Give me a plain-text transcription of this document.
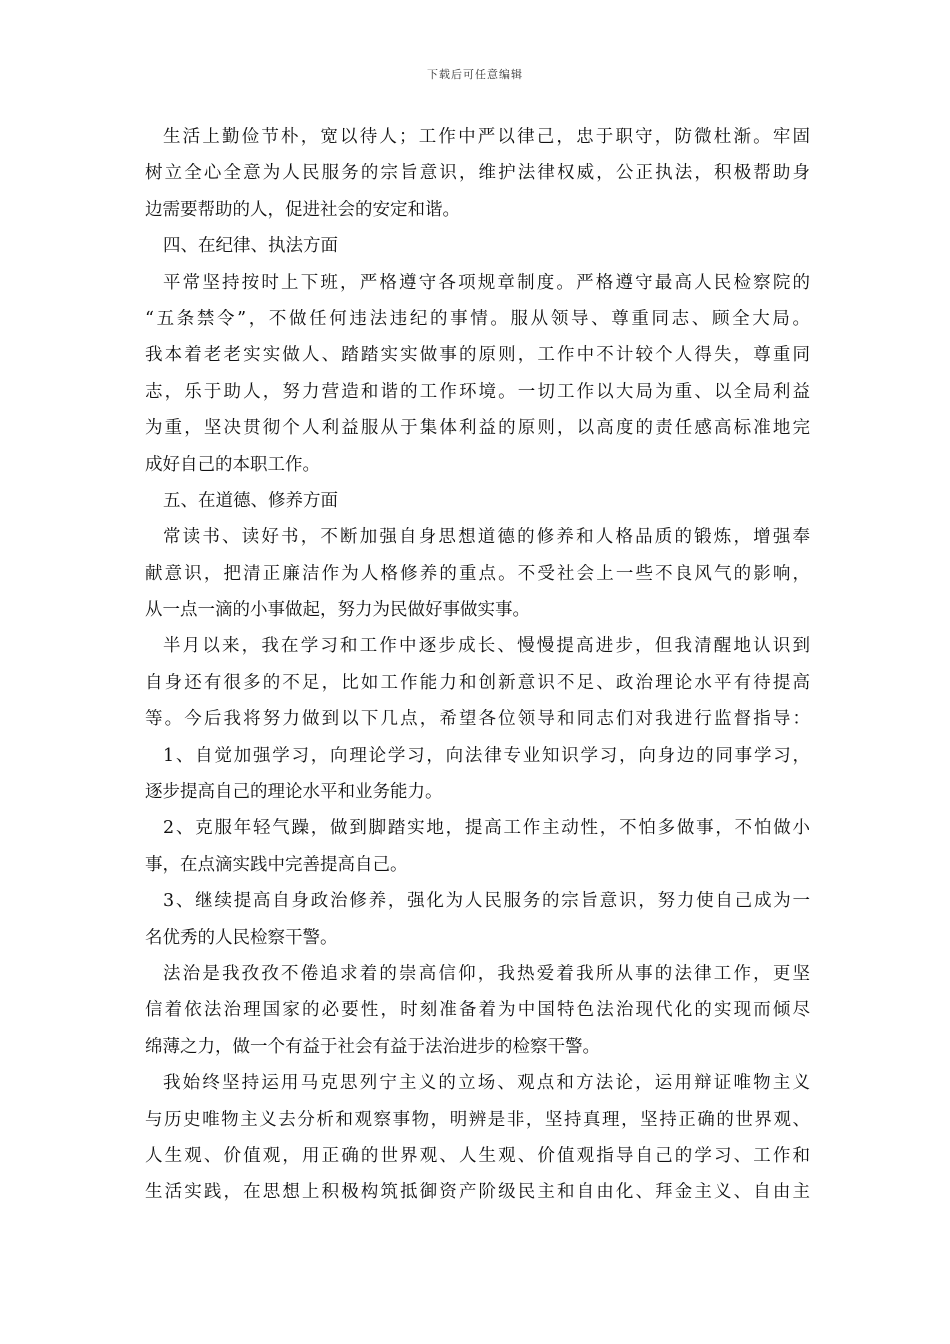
下载后可任意编辑
生活上勤俭节朴，宽以待人；工作中严以律己，忠于职守，防微杜渐。牢固
树立全心全意为人民服务的宗旨意识，维护法律权威，公正执法，积极帮助身
边需要帮助的人，促进社会的安定和谐。
四、在纪律、执法方面
平常坚持按时上下班，严格遵守各项规章制度。严格遵守最高人民检察院的
“五条禁令”，不做任何违法违纪的事情。服从领导、尊重同志、顾全大局。
我本着老老实实做人、踏踏实实做事的原则，工作中不计较个人得失，尊重同
志，乐于助人，努力营造和谐的工作环境。一切工作以大局为重、以全局利益
为重，坚决贯彻个人利益服从于集体利益的原则，以高度的责任感高标准地完
成好自己的本职工作。
五、在道德、修养方面
常读书、读好书，不断加强自身思想道德的修养和人格品质的锻炼，增强奉
献意识，把清正廉洁作为人格修养的重点。不受社会上一些不良风气的影响，
从一点一滴的小事做起，努力为民做好事做实事。
半月以来，我在学习和工作中逐步成长、慢慢提高进步，但我清醒地认识到
自身还有很多的不足，比如工作能力和创新意识不足、政治理论水平有待提高
等。今后我将努力做到以下几点，希望各位领导和同志们对我进行监督指导：
1、自觉加强学习，向理论学习，向法律专业知识学习，向身边的同事学习，
逐步提高自己的理论水平和业务能力。
2、克服年轻气躁，做到脚踏实地，提高工作主动性，不怕多做事，不怕做小
事，在点滴实践中完善提高自己。
3、继续提高自身政治修养，强化为人民服务的宗旨意识，努力使自己成为一
名优秀的人民检察干警。
法治是我孜孜不倦追求着的崇高信仰，我热爱着我所从事的法律工作，更坚
信着依法治理国家的必要性，时刻准备着为中国特色法治现代化的实现而倾尽
绵薄之力，做一个有益于社会有益于法治进步的检察干警。
我始终坚持运用马克思列宁主义的立场、观点和方法论，运用辩证唯物主义
与历史唯物主义去分析和观察事物，明辨是非，坚持真理，坚持正确的世界观、
人生观、价值观，用正确的世界观、人生观、价值观指导自己的学习、工作和
生活实践，在思想上积极构筑抵御资产阶级民主和自由化、拜金主义、自由主
